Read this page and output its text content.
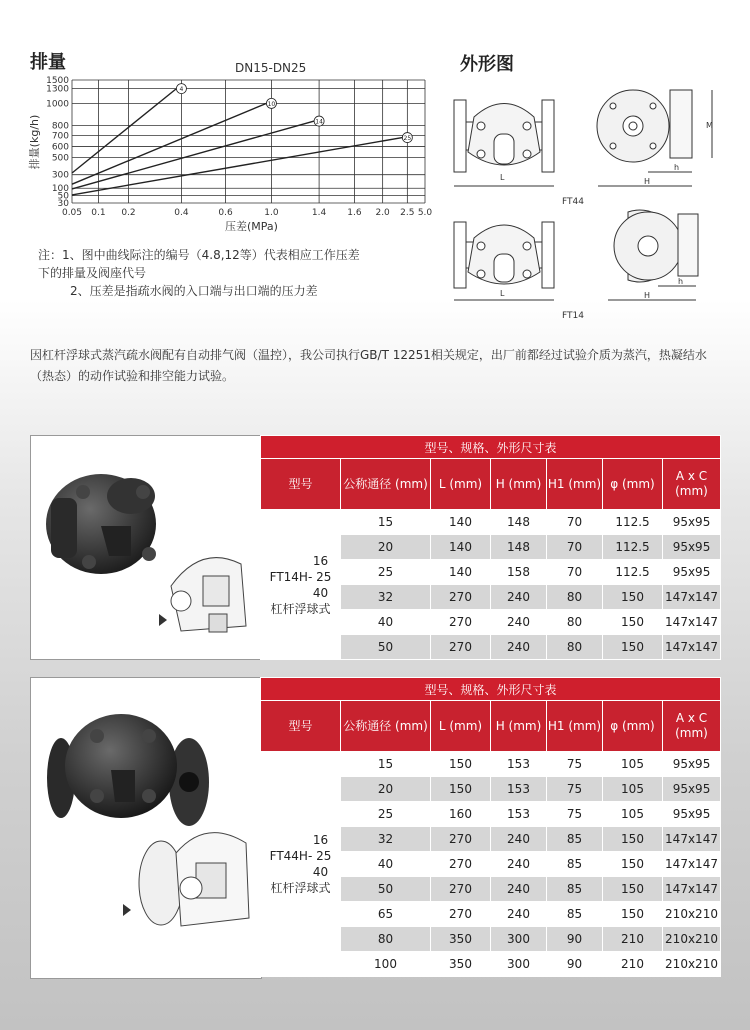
排量	外形图
DN15-DN25
1500
1300
1000
800
700
600
500
300
100
50
30
0.05 0.1 0.2	0.4	0.6	1.0	1.4 1.6 2.0 2.5 5.0
压差(MPa)
排量(kg/h)
4
10
14
25
注：1、图中曲线际注的编号（4.8,12等）代表相应工作压差
下的排量及阀座代号
2、压差是指疏水阀的入口端与出口端的压力差
L
M
H
h
FT44
L	H
h
FT14
因杠杆浮球式蒸汽疏水阀配有自动排气阀（温控），我公司执行GB/T 12251相关规定，出厂前都经过试验介质为蒸汽，热凝结水（热态）的动作试验和排空能力试验。
型号、规格、外形尺寸表						
型号	公称通径 (mm)	L (mm)	H (mm)	H1 (mm)	φ (mm)	A x C
(mm)

16
FT14H- 25
40
杠杆浮球式	15	140	148	70	112.5	95x95
	20	140	148	70	112.5	95x95
	25	140	158	70	112.5	95x95
	32	270	240	80	150	147x147
	40	270	240	80	150	147x147
	50	270	240	80	150	147x147
型号、规格、外形尺寸表						
型号	公称通径 (mm)	L (mm)	H (mm)	H1 (mm)	φ (mm)	A x C
(mm)

16
FT44H- 25
40
杠杆浮球式	15	150	153	75	105	95x95
	20	150	153	75	105	95x95
	25	160	153	75	105	95x95
	32	270	240	85	150	147x147
	40	270	240	85	150	147x147
	50	270	240	85	150	147x147
	65	270	240	85	150	210x210
	80	350	300	90	210	210x210
	100	350	300	90	210	210x210
